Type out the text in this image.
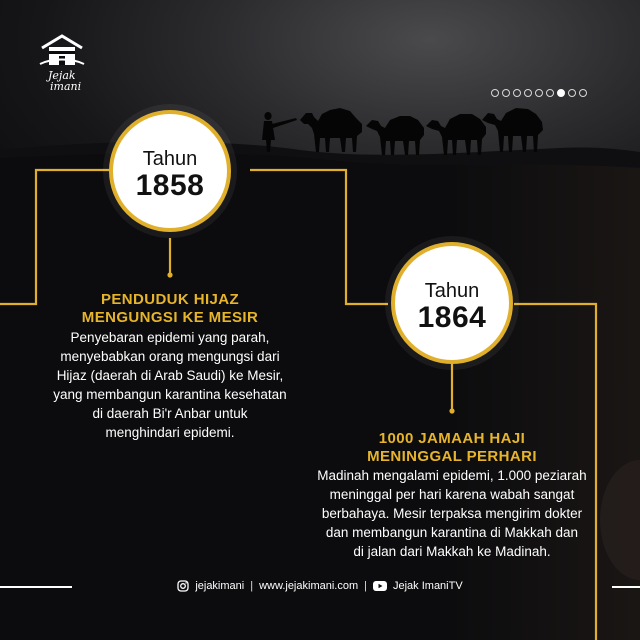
Jejak
imani
Tahun
1858
Tahun
1864
PENDUDUK HIJAZ
MENGUNGSI KE MESIR
Penyebaran epidemi yang parah,
menyebabkan orang mengungsi dari
Hijaz (daerah di Arab Saudi) ke Mesir,
yang membangun karantina kesehatan
di daerah Bi'r Anbar untuk
menghindari epidemi.	1000 JAMAAH HAJI
MENINGGAL PERHARI
Madinah mengalami epidemi, 1.000 peziarah
meninggal per hari karena wabah sangat
berbahaya. Mesir terpaksa mengirim dokter
dan membangun karantina di Makkah dan
di jalan dari Makkah ke Madinah.
jejakimani | www.jejakimani.com | Jejak ImaniTV
